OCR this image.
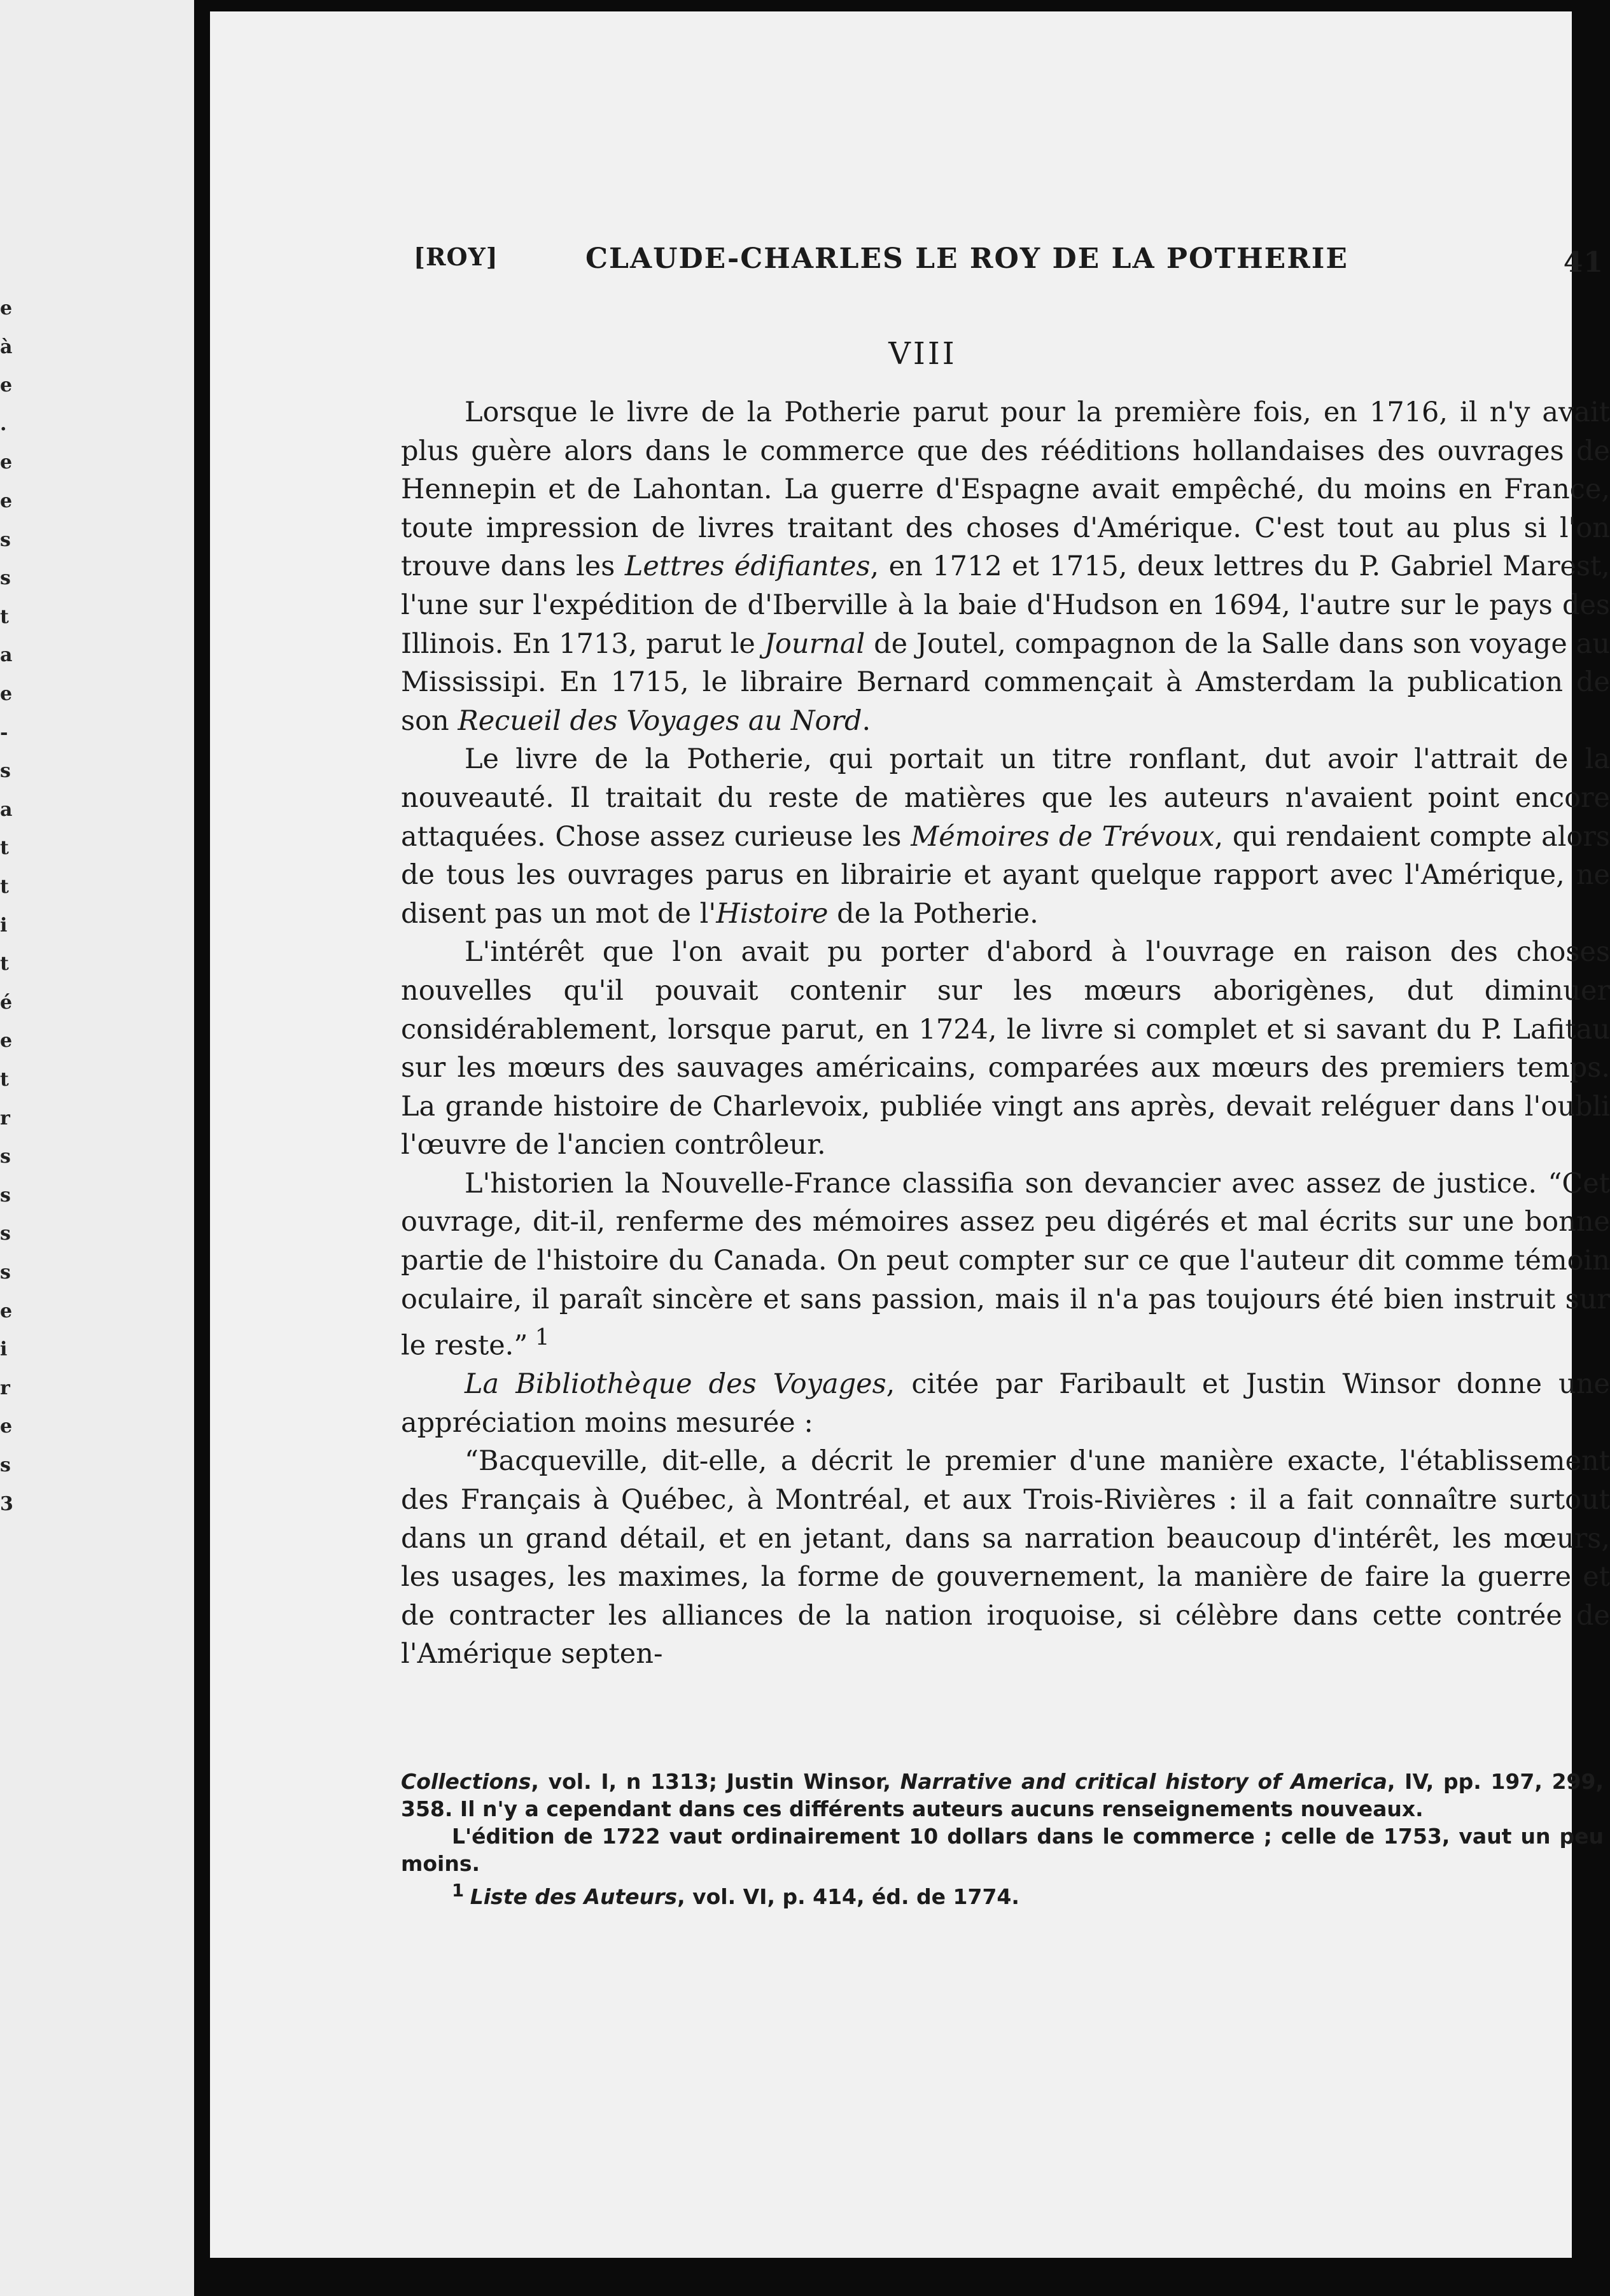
e
à
e
.
e
e
s
s
t
a
e
-
s
a
t
t
i
t
é
e
t
r
s
s
s
s
e
i
r
e
s
3
[ROY]	CLAUDE-CHARLES LE ROY DE LA POTHERIE	41
VIII

Lorsque le livre de la Potherie parut pour la première fois, en 1716, il n'y avait plus guère alors dans le commerce que des rééditions hollandaises des ouvrages de Hennepin et de Lahontan. La guerre d'Espagne avait empêché, du moins en France, toute impression de livres traitant des choses d'Amérique. C'est tout au plus si l'on trouve dans les Lettres édifiantes, en 1712 et 1715, deux lettres du P. Gabriel Marest, l'une sur l'expédition de d'Iberville à la baie d'Hudson en 1694, l'autre sur le pays des Illinois. En 1713, parut le Journal de Joutel, compagnon de la Salle dans son voyage au Mississipi. En 1715, le libraire Bernard commençait à Amsterdam la publication de son Recueil des Voyages au Nord.

Le livre de la Potherie, qui portait un titre ronflant, dut avoir l'attrait de la nouveauté. Il traitait du reste de matières que les auteurs n'avaient point encore attaquées. Chose assez curieuse les Mémoires de Trévoux, qui rendaient compte alors de tous les ouvrages parus en librairie et ayant quelque rapport avec l'Amérique, ne disent pas un mot de l'Histoire de la Potherie.

L'intérêt que l'on avait pu porter d'abord à l'ouvrage en raison des choses nouvelles qu'il pouvait contenir sur les mœurs aborigènes, dut diminuer considérablement, lorsque parut, en 1724, le livre si complet et si savant du P. Lafitau sur les mœurs des sauvages américains, comparées aux mœurs des premiers temps. La grande histoire de Charlevoix, publiée vingt ans après, devait reléguer dans l'oubli l'œuvre de l'ancien contrôleur.

L'historien la Nouvelle-France classifia son devancier avec assez de justice. “Cet ouvrage, dit-il, renferme des mémoires assez peu digérés et mal écrits sur une bonne partie de l'histoire du Canada. On peut compter sur ce que l'auteur dit comme témoin oculaire, il paraît sincère et sans passion, mais il n'a pas toujours été bien instruit sur le reste.” $^1$

La Bibliothèque des Voyages, citée par Faribault et Justin Winsor donne une appréciation moins mesurée :

“Bacqueville, dit-elle, a décrit le premier d'une manière exacte, l'établissement des Français à Québec, à Montréal, et aux Trois-Rivières : il a fait connaître surtout dans un grand détail, et en jetant, dans sa narration beaucoup d'intérêt, les mœurs, les usages, les maximes, la forme de gouvernement, la manière de faire la guerre et de contracter les alliances de la nation iroquoise, si célèbre dans cette contrée de l'Amérique septen-

Collections, vol. I, n 1313; Justin Winsor, Narrative and critical history of America, IV, pp. 197, 299, 358. Il n'y a cependant dans ces différents auteurs aucuns renseignements nouveaux.

L'édition de 1722 vaut ordinairement 10 dollars dans le commerce ; celle de 1753, vaut un peu moins.

$^1$ Liste des Auteurs, vol. VI, p. 414, éd. de 1774.
